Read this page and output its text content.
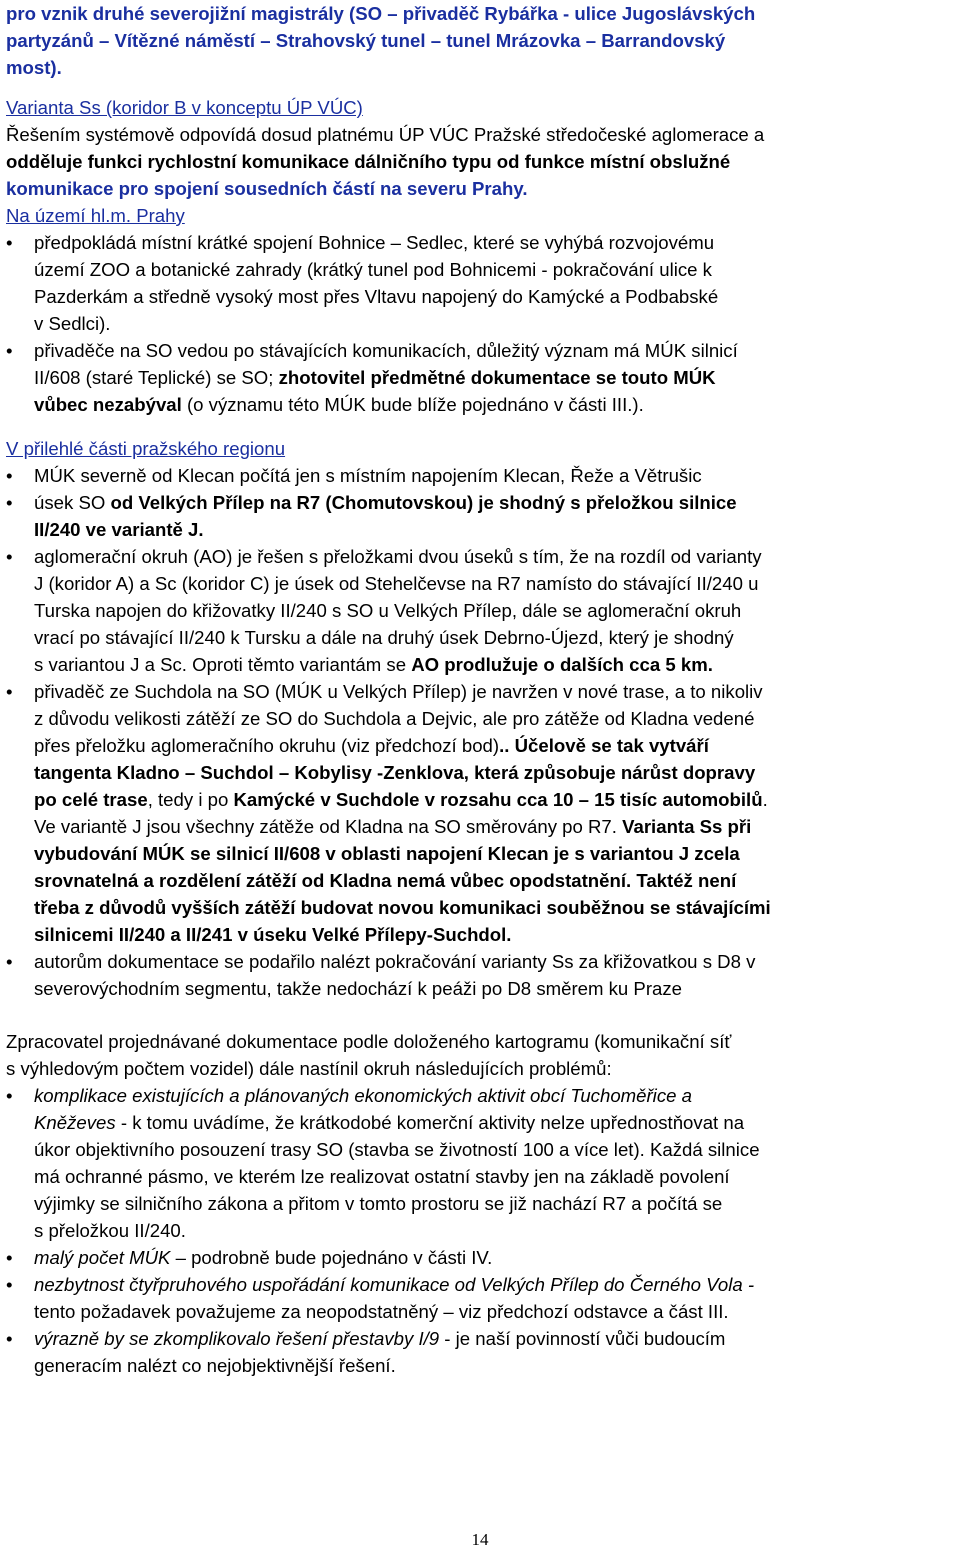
pro vznik druhé severojižní magistrály (SO – přivaděč Rybářka - ulice Jugoslávských
partyzánů – Vítězné náměstí – Strahovský tunel – tunel Mrázovka – Barrandovský
most).
Varianta Ss (koridor B v konceptu ÚP VÚC)
Řešením systémově odpovídá dosud platnému ÚP VÚC Pražské středočeské aglomerace a
odděluje funkci rychlostní komunikace dálničního typu od funkce místní obslužné
komunikace pro spojení sousedních částí na severu Prahy.
Na území hl.m. Prahy
•	předpokládá místní krátké spojení Bohnice – Sedlec, které se vyhýbá rozvojovému
území ZOO a botanické zahrady (krátký tunel pod Bohnicemi - pokračování ulice k
Pazderkám a středně vysoký most přes Vltavu napojený do Kamýcké a Podbabské
v Sedlci).
•	přivaděče na SO vedou po stávajících komunikacích, důležitý význam má MÚK silnicí
II/608 (staré Teplické) se SO; zhotovitel předmětné dokumentace se touto MÚK
vůbec nezabýval (o významu této MÚK bude blíže pojednáno v části III.).
V přilehlé části pražského regionu
•	MÚK severně od Klecan počítá jen s místním napojením Klecan, Řeže a Větrušic
•	úsek SO od Velkých Přílep na R7 (Chomutovskou) je shodný s přeložkou silnice
II/240 ve variantě J.
•	aglomerační okruh (AO) je řešen s přeložkami dvou úseků s tím, že na rozdíl od varianty
J (koridor A) a Sc (koridor C) je úsek od Stehelčevse na R7 namísto do stávající II/240 u
Turska napojen do křižovatky II/240 s SO u Velkých Přílep, dále se aglomerační okruh
vrací po stávající II/240 k Tursku a dále na druhý úsek Debrno-Újezd, který je shodný
s variantou J a Sc. Oproti těmto variantám se AO prodlužuje o dalších cca 5 km.
•	přivaděč ze Suchdola na SO (MÚK u Velkých Přílep) je navržen v nové trase, a to nikoliv
z důvodu velikosti zátěží ze SO do Suchdola a Dejvic, ale pro zátěže od Kladna vedené
přes přeložku aglomeračního okruhu (viz předchozí bod).. Účelově se tak vytváří
tangenta Kladno – Suchdol – Kobylisy -Zenklova, která způsobuje nárůst dopravy
po celé trase, tedy i po Kamýcké v Suchdole v rozsahu cca 10 – 15 tisíc automobilů.
Ve variantě J jsou všechny zátěže od Kladna na SO směrovány po R7. Varianta Ss při
vybudování MÚK se silnicí II/608 v oblasti napojení Klecan je s variantou J zcela
srovnatelná a rozdělení zátěží od Kladna nemá vůbec opodstatnění. Taktéž není
třeba z důvodů vyšších zátěží budovat novou komunikaci souběžnou se stávajícími
silnicemi II/240 a II/241 v úseku Velké Přílepy-Suchdol.
•	autorům dokumentace se podařilo nalézt pokračování varianty Ss za křižovatkou s D8 v
severovýchodním segmentu, takže nedochází k peáži po D8 směrem ku Praze
Zpracovatel projednávané dokumentace podle doloženého kartogramu (komunikační síť
s výhledovým počtem vozidel) dále nastínil okruh následujících problémů:
•	komplikace existujících a plánovaných ekonomických aktivit obcí Tuchoměřice a
Kněževes - k tomu uvádíme, že krátkodobé komerční aktivity nelze upřednostňovat na
úkor objektivního posouzení trasy SO (stavba se životností 100 a více let). Každá silnice
má ochranné pásmo, ve kterém lze realizovat ostatní stavby jen na základě povolení
výjimky se silničního zákona a přitom v tomto prostoru se již nachází R7 a počítá se
s přeložkou II/240.
•	malý počet MÚK – podrobně bude pojednáno v části IV.
•	nezbytnost čtyřpruhového uspořádání komunikace od Velkých Přílep do Černého Vola -
tento požadavek považujeme za neopodstatněný – viz předchozí odstavce a část III.
•	výrazně by se zkomplikovalo řešení přestavby I/9 - je naší povinností vůči budoucím
generacím nalézt co nejobjektivnější řešení.
14
